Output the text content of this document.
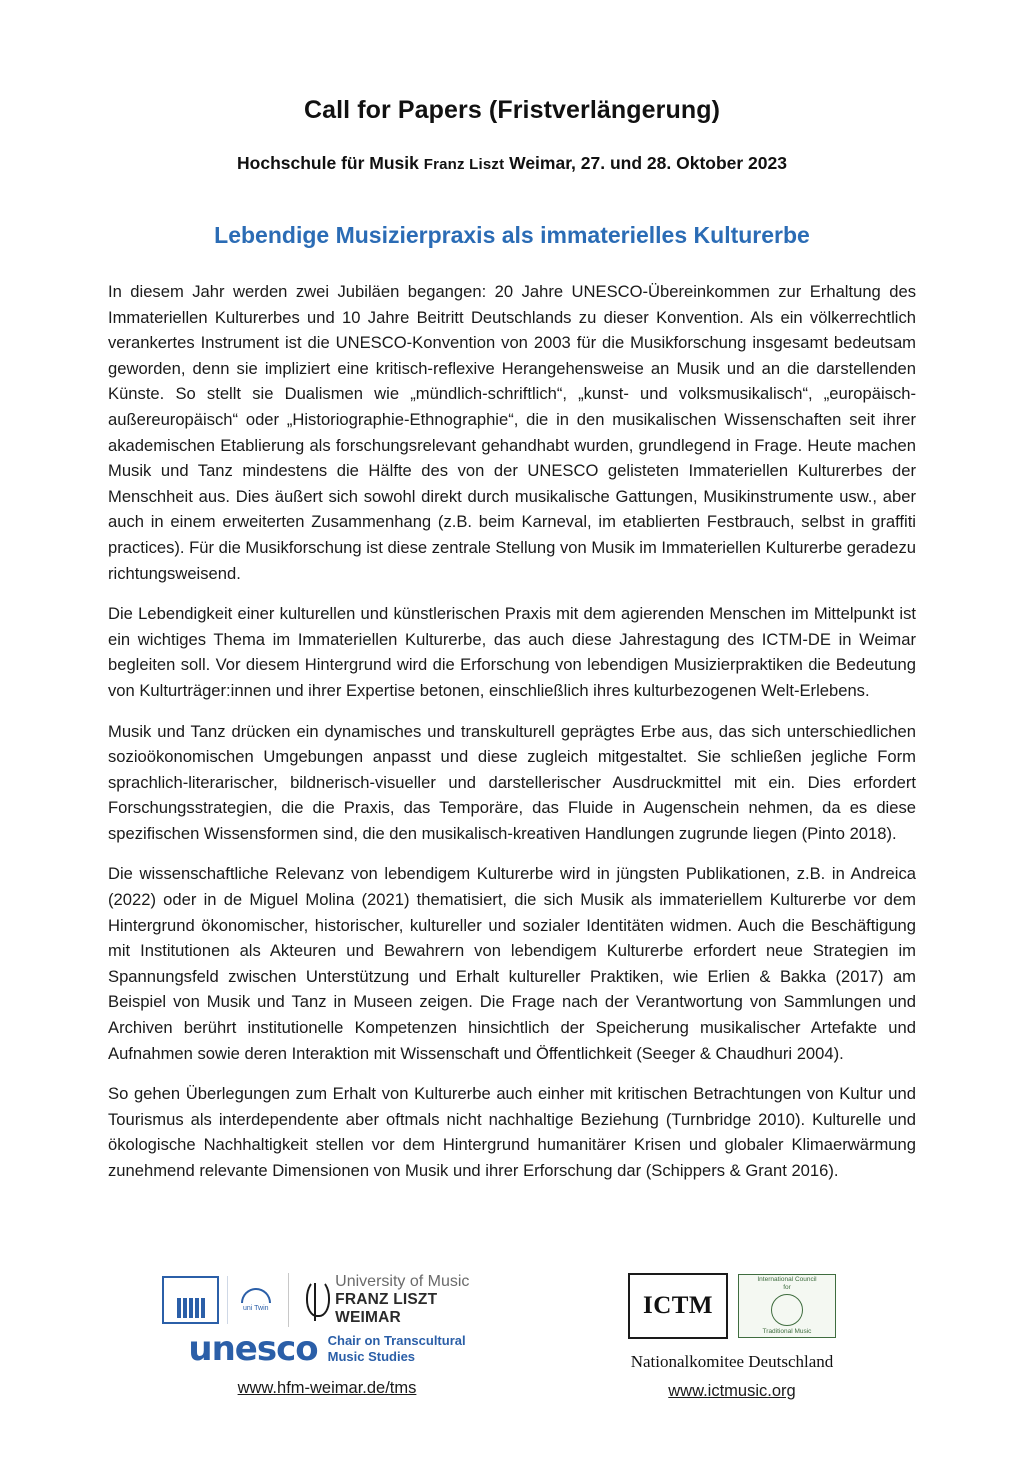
Call for Papers (Fristverlängerung)
Hochschule für Musik Franz Liszt Weimar, 27. und 28. Oktober 2023
Lebendige Musizierpraxis als immaterielles Kulturerbe

In diesem Jahr werden zwei Jubiläen begangen: 20 Jahre UNESCO-Übereinkommen zur Erhaltung des Immateriellen Kulturerbes und 10 Jahre Beitritt Deutschlands zu dieser Konvention. Als ein völkerrechtlich verankertes Instrument ist die UNESCO-Konvention von 2003 für die Musikforschung insgesamt bedeutsam geworden, denn sie impliziert eine kritisch-reflexive Herangehensweise an Musik und an die darstellenden Künste. So stellt sie Dualismen wie „mündlich-schriftlich“, „kunst- und volksmusikalisch“, „europäisch-außereuropäisch“ oder „Historiographie-Ethnographie“, die in den musikalischen Wissenschaften seit ihrer akademischen Etablierung als forschungsrelevant gehandhabt wurden, grundlegend in Frage. Heute machen Musik und Tanz mindestens die Hälfte des von der UNESCO gelisteten Immateriellen Kulturerbes der Menschheit aus. Dies äußert sich sowohl direkt durch musikalische Gattungen, Musikinstrumente usw., aber auch in einem erweiterten Zusammenhang (z.B. beim Karneval, im etablierten Festbrauch, selbst in graffiti practices). Für die Musikforschung ist diese zentrale Stellung von Musik im Immateriellen Kulturerbe geradezu richtungsweisend.

Die Lebendigkeit einer kulturellen und künstlerischen Praxis mit dem agierenden Menschen im Mittelpunkt ist ein wichtiges Thema im Immateriellen Kulturerbe, das auch diese Jahrestagung des ICTM-DE in Weimar begleiten soll. Vor diesem Hintergrund wird die Erforschung von lebendigen Musizierpraktiken die Bedeutung von Kulturträger:innen und ihrer Expertise betonen, einschließlich ihres kulturbezogenen Welt-Erlebens.

Musik und Tanz drücken ein dynamisches und transkulturell geprägtes Erbe aus, das sich unterschiedlichen sozioökonomischen Umgebungen anpasst und diese zugleich mitgestaltet. Sie schließen jegliche Form sprachlich-literarischer, bildnerisch-visueller und darstellerischer Ausdruckmittel mit ein. Dies erfordert Forschungsstrategien, die die Praxis, das Temporäre, das Fluide in Augenschein nehmen, da es diese spezifischen Wissensformen sind, die den musikalisch-kreativen Handlungen zugrunde liegen (Pinto 2018).

Die wissenschaftliche Relevanz von lebendigem Kulturerbe wird in jüngsten Publikationen, z.B. in Andreica (2022) oder in de Miguel Molina (2021) thematisiert, die sich Musik als immateriellem Kulturerbe vor dem Hintergrund ökonomischer, historischer, kultureller und sozialer Identitäten widmen. Auch die Beschäftigung mit Institutionen als Akteuren und Bewahrern von lebendigem Kulturerbe erfordert neue Strategien im Spannungsfeld zwischen Unterstützung und Erhalt kultureller Praktiken, wie Erlien & Bakka (2017) am Beispiel von Musik und Tanz in Museen zeigen. Die Frage nach der Verantwortung von Sammlungen und Archiven berührt institutionelle Kompetenzen hinsichtlich der Speicherung musikalischer Artefakte und Aufnahmen sowie deren Interaktion mit Wissenschaft und Öffentlichkeit (Seeger & Chaudhuri 2004).

So gehen Überlegungen zum Erhalt von Kulturerbe auch einher mit kritischen Betrachtungen von Kultur und Tourismus als interdependente aber oftmals nicht nachhaltige Beziehung (Turnbridge 2010). Kulturelle und ökologische Nachhaltigkeit stellen vor dem Hintergrund humanitärer Krisen und globaler Klimaerwärmung zunehmend relevante Dimensionen von Musik und ihrer Erforschung dar (Schippers & Grant 2016).

uni Twin
University of Music
FRANZ LISZT WEIMAR
unesco Chair on Transcultural
Music Studies
www.hfm-weimar.de/tms
ICTM
International Council
for
Traditional Music
Nationalkomitee Deutschland
www.ictmusic.org
